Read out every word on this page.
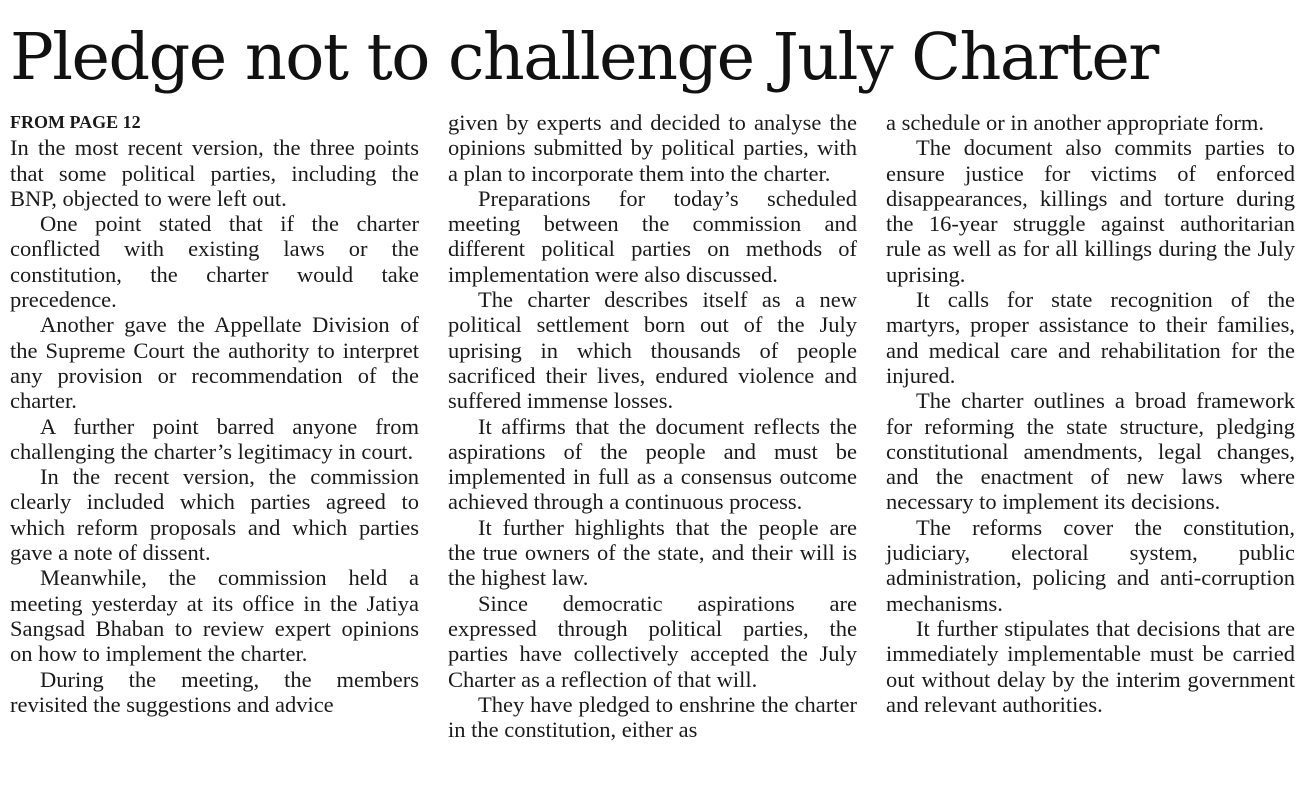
Pledge not to challenge July Charter
FROM PAGE 12

In the most recent version, the three points that some political parties, including the BNP, objected to were left out.

One point stated that if the charter conflicted with existing laws or the constitution, the charter would take precedence.

Another gave the Appellate Division of the Supreme Court the authority to interpret any provision or recommendation of the charter.

A further point barred anyone from challenging the charter’s legitimacy in court.

In the recent version, the commission clearly included which parties agreed to which reform proposals and which parties gave a note of dissent.

Meanwhile, the commission held a meeting yesterday at its office in the Jatiya Sangsad Bhaban to review expert opinions on how to implement the charter.

During the meeting, the members revisited the suggestions and advice

given by experts and decided to analyse the opinions submitted by political parties, with a plan to incorporate them into the charter.

Preparations for today’s scheduled meeting between the commission and different political parties on methods of implementation were also discussed.

The charter describes itself as a new political settlement born out of the July uprising in which thousands of people sacrificed their lives, endured violence and suffered immense losses.

It affirms that the document reflects the aspirations of the people and must be implemented in full as a consensus outcome achieved through a continuous process.

It further highlights that the people are the true owners of the state, and their will is the highest law.

Since democratic aspirations are expressed through political parties, the parties have collectively accepted the July Charter as a reflection of that will.

They have pledged to enshrine the charter in the constitution, either as

a schedule or in another appropriate form.

The document also commits parties to ensure justice for victims of enforced disappearances, killings and torture during the 16-year struggle against authoritarian rule as well as for all killings during the July uprising.

It calls for state recognition of the martyrs, proper assistance to their families, and medical care and rehabilitation for the injured.

The charter outlines a broad framework for reforming the state structure, pledging constitutional amendments, legal changes, and the enactment of new laws where necessary to implement its decisions.

The reforms cover the constitution, judiciary, electoral system, public administration, policing and anti-corruption mechanisms.

It further stipulates that decisions that are immediately implementable must be carried out without delay by the interim government and relevant authorities.
